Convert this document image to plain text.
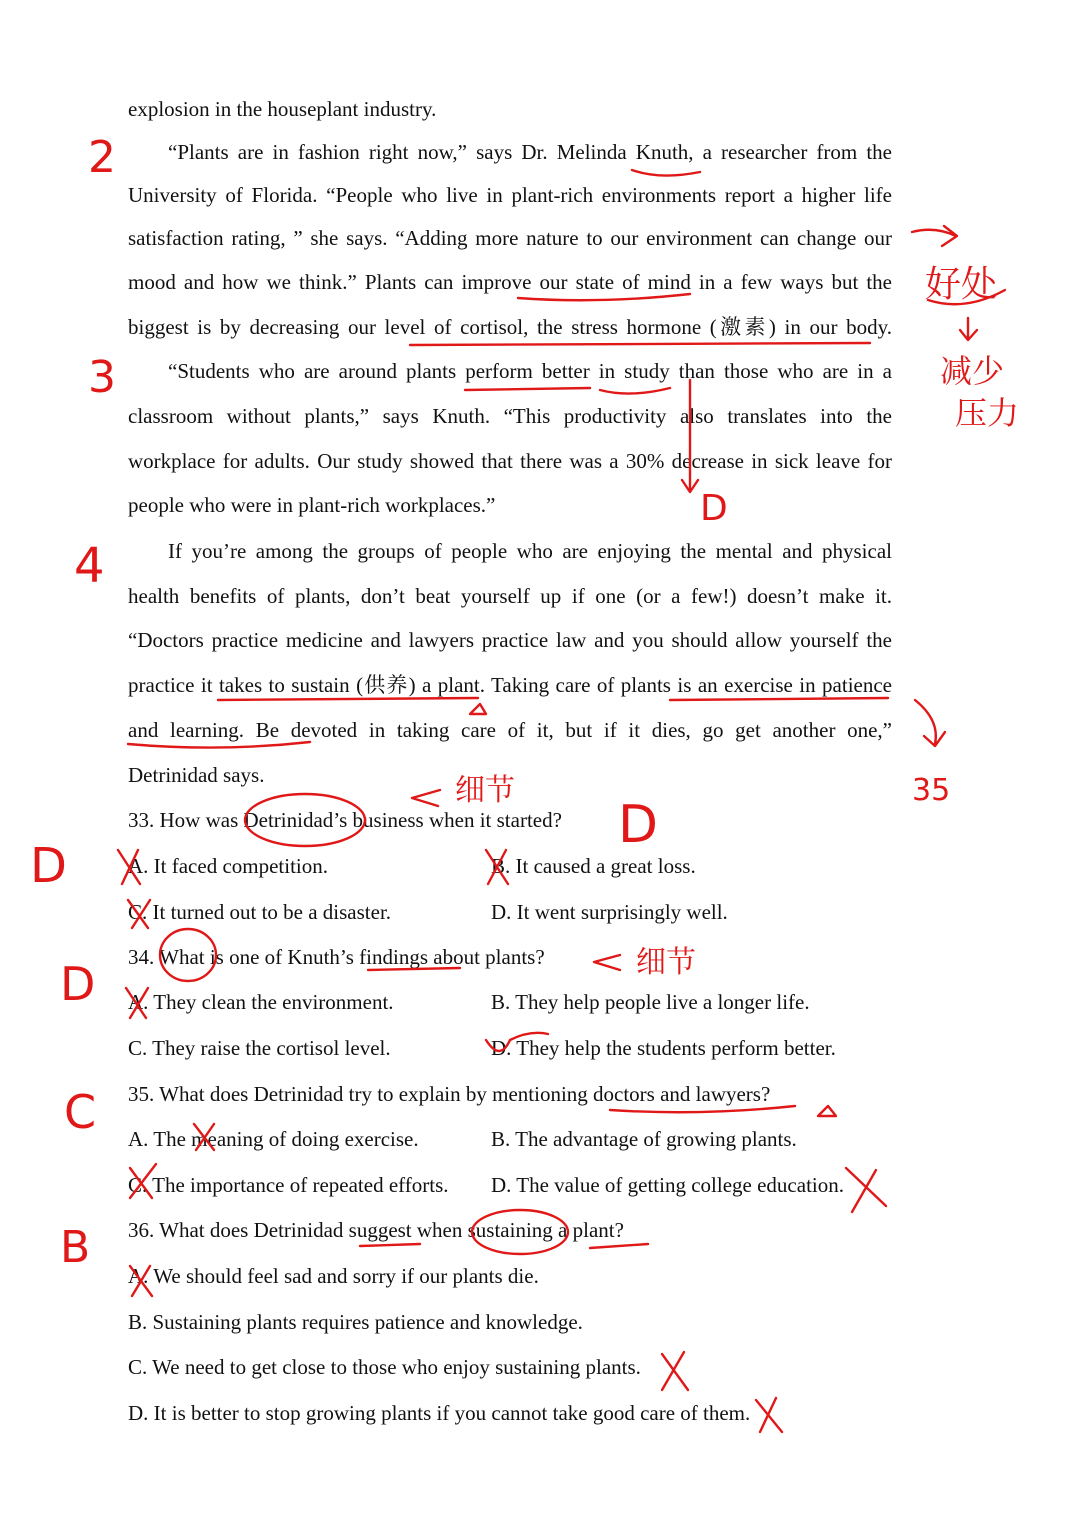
explosion in the houseplant industry.
“Plants are in fashion right now,” says Dr. Melinda Knuth, a researcher from the
University of Florida. “People who live in plant-rich environments report a higher life
satisfaction rating, ” she says. “Adding more nature to our environment can change our
mood and how we think.” Plants can improve our state of mind in a few ways but the
biggest is by decreasing our level of cortisol, the stress hormone (激素) in our body.
“Students who are around plants perform better in study than those who are in a
classroom without plants,” says Knuth. “This productivity also translates into the
workplace for adults. Our study showed that there was a 30% decrease in sick leave for
people who were in plant-rich workplaces.”
If you’re among the groups of people who are enjoying the mental and physical
health benefits of plants, don’t beat yourself up if one (or a few!) doesn’t make it.
“Doctors practice medicine and lawyers practice law and you should allow yourself the
practice it takes to sustain (供养) a plant. Taking care of plants is an exercise in patience
and learning. Be devoted in taking care of it, but if it dies, go get another one,”
Detrinidad says.
33. How was Detrinidad’s business when it started?
A. It faced competition.	B. It caused a great loss.
C. It turned out to be a disaster.	D. It went surprisingly well.
34. What is one of Knuth’s findings about plants?
A. They clean the environment.	B. They help people live a longer life.
C. They raise the cortisol level.	D. They help the students perform better.
35. What does Detrinidad try to explain by mentioning doctors and lawyers?
A. The meaning of doing exercise.	B. The advantage of growing plants.
C. The importance of repeated efforts. D. The value of getting college education.
36. What does Detrinidad suggest when sustaining a plant?
A. We should feel sad and sorry if our plants die.
B. Sustaining plants requires patience and knowledge.
C. We need to get close to those who enjoy sustaining plants.
D. It is better to stop growing plants if you cannot take good care of them.
2
3
4
D
D
C
B
好处
减少
压力
35
D
D
细节
细节
